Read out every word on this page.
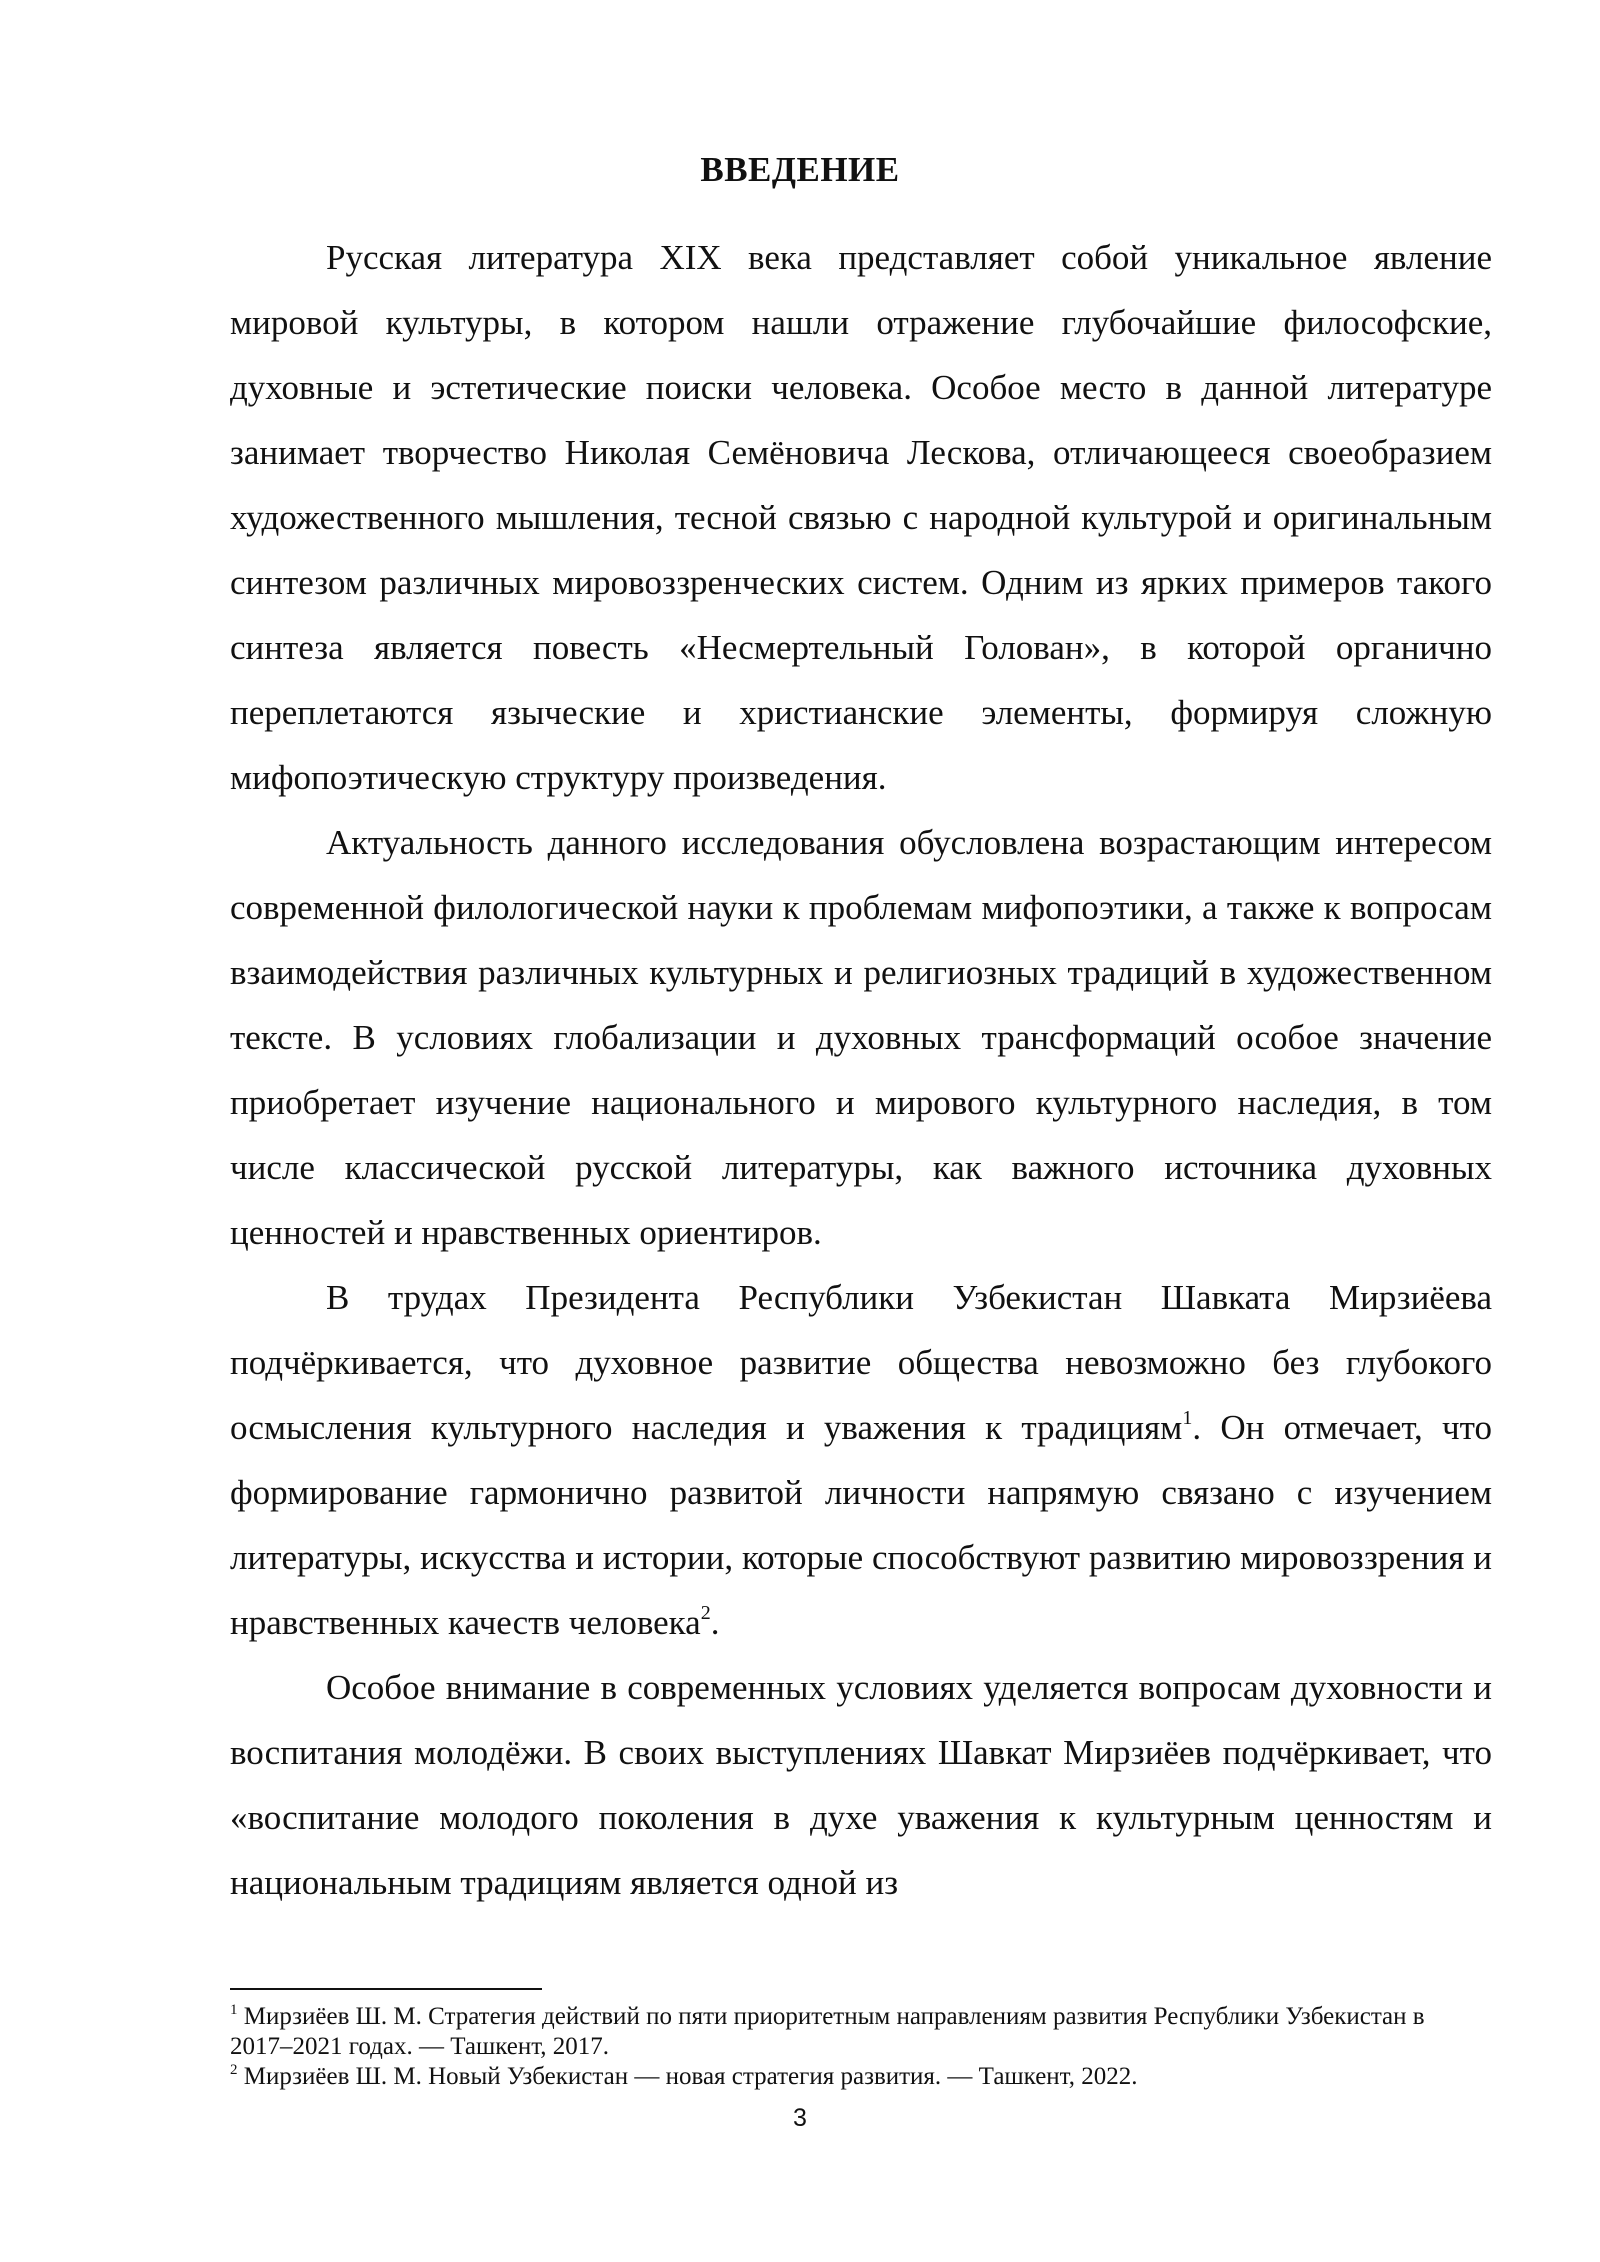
ВВЕДЕНИЕ

Русская литература XIX века представляет собой уникальное явление мировой культуры, в котором нашли отражение глубочайшие философские, духовные и эстетические поиски человека. Особое место в данной литературе занимает творчество Николая Семёновича Лескова, отличающееся своеобразием художественного мышления, тесной связью с народной культурой и оригинальным синтезом различных мировоззренческих систем. Одним из ярких примеров такого синтеза является повесть «Несмертельный Голован», в которой органично переплетаются языческие и христианские элементы, формируя сложную мифопоэтическую структуру произведения.

Актуальность данного исследования обусловлена возрастающим интересом современной филологической науки к проблемам мифопоэтики, а также к вопросам взаимодействия различных культурных и религиозных традиций в художественном тексте. В условиях глобализации и духовных трансформаций особое значение приобретает изучение национального и мирового культурного наследия, в том числе классической русской литературы, как важного источника духовных ценностей и нравственных ориентиров.

В трудах Президента Республики Узбекистан Шавката Мирзиёева подчёркивается, что духовное развитие общества невозможно без глубокого осмысления культурного наследия и уважения к традициям$^1$. Он отмечает, что формирование гармонично развитой личности напрямую связано с изучением литературы, искусства и истории, которые способствуют развитию мировоззрения и нравственных качеств человека$^2$.

Особое внимание в современных условиях уделяется вопросам духовности и воспитания молодёжи. В своих выступлениях Шавкат Мирзиёев подчёркивает, что «воспитание молодого поколения в духе уважения к культурным ценностям и национальным традициям является одной из

$^1$ Мирзиёев Ш. М. Стратегия действий по пяти приоритетным направлениям развития Республики Узбекистан в 2017–2021 годах. — Ташкент, 2017.

$^2$ Мирзиёев Ш. М. Новый Узбекистан — новая стратегия развития. — Ташкент, 2022.

3
